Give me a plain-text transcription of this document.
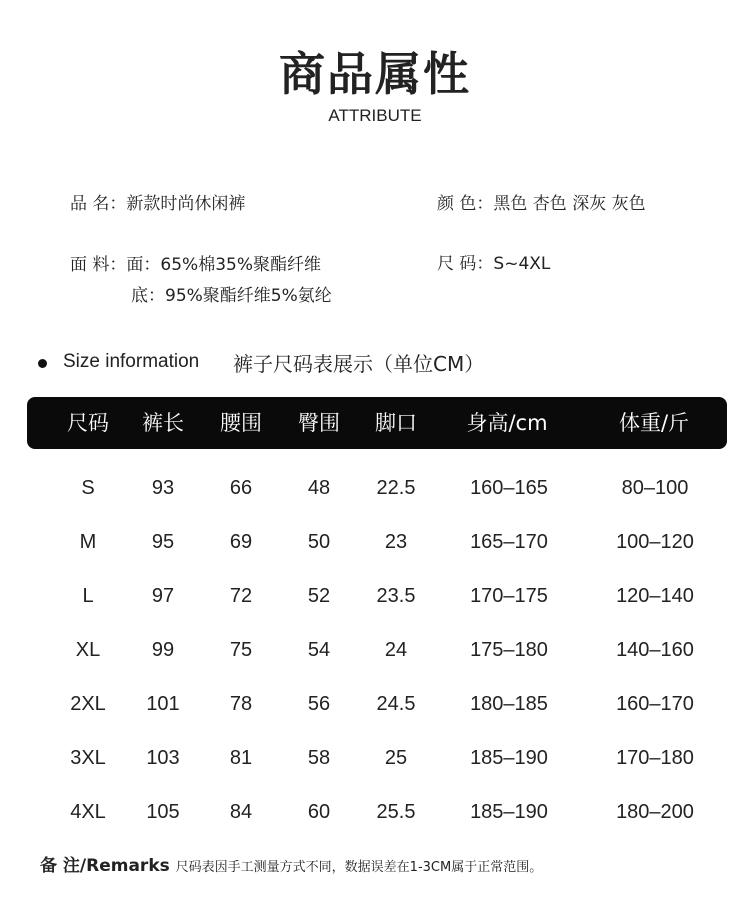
商品属性
ATTRIBUTE
品 名：新款时尚休闲裤	颜 色：黑色 杏色 深灰 灰色
面 料：面：65%棉35%聚酯纤维
底：95%聚酯纤维5%氨纶
尺 码：S~4XL
Size information 裤子尺码表展示（单位CM）
尺码 裤长 腰围 臀围 脚口 身高/cm	体重/斤
S	93	66	48 22.5	160–165	80–100
M	95	69	50	23	165–170	100–120
L	97	72	52 23.5	170–175	120–140
XL	99	75	54	24	175–180	140–160
2XL 101	78	56 24.5	180–185	160–170
3XL 103	81	58	25	185–190	170–180
4XL 105	84	60 25.5	185–190	180–200
备 注/Remarks 尺码表因手工测量方式不同，数据误差在1-3CM属于正常范围。
